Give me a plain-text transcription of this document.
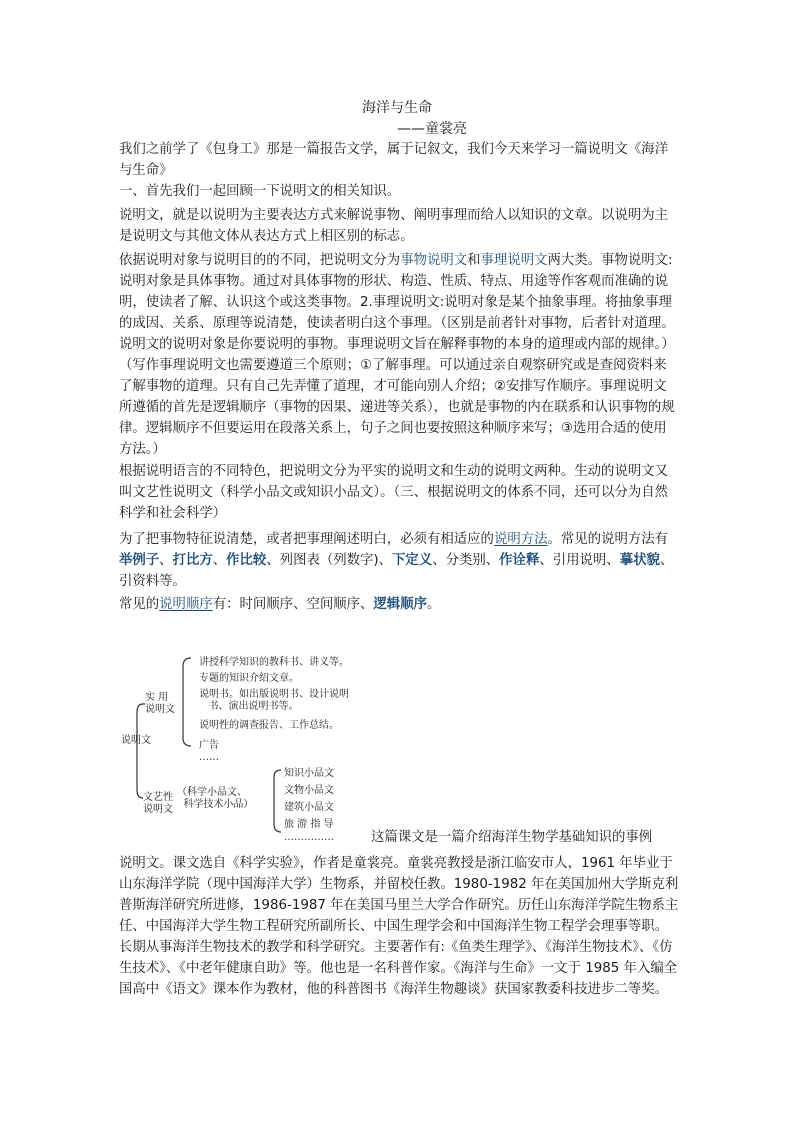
海洋与生命
——童裳亮

我们之前学了《包身工》那是一篇报告文学，属于记叙文，我们今天来学习一篇说明文《海洋与生命》

一、首先我们一起回顾一下说明文的相关知识。

说明文，就是以说明为主要表达方式来解说事物、阐明事理而给人以知识的文章。以说明为主是说明文与其他文体从表达方式上相区别的标志。

依据说明对象与说明目的的不同，把说明文分为事物说明文和事理说明文两大类。事物说明文:说明对象是具体事物。通过对具体事物的形状、构造、性质、特点、用途等作客观而准确的说明，使读者了解、认识这个或这类事物。2.事理说明文:说明对象是某个抽象事理。将抽象事理的成因、关系、原理等说清楚，使读者明白这个事理。（区别是前者针对事物，后者针对道理。说明文的说明对象是你要说明的事物。事理说明文旨在解释事物的本身的道理或内部的规律。）（写作事理说明文也需要遵道三个原则；①了解事理。可以通过亲自观察研究或是查阅资料来了解事物的道理。只有自己先弄懂了道理，才可能向别人介绍；②安排写作顺序。事理说明文所遵循的首先是逻辑顺序（事物的因果、递进等关系），也就是事物的内在联系和认识事物的规律。逻辑顺序不但要运用在段落关系上，句子之间也要按照这种顺序来写；③选用合适的使用方法。）

根据说明语言的不同特色，把说明文分为平实的说明文和生动的说明文两种。生动的说明文又叫文艺性说明文（科学小品文或知识小品文）。（三、根据说明文的体系不同，还可以分为自然科学和社会科学）

为了把事物特征说清楚，或者把事理阐述明白，必须有相适应的说明方法。常见的说明方法有 举例子、打比方、作比较、列图表（列数字)、下定义、分类别、作诠释、引用说明、摹状貌、引资料等。

常见的说明顺序有：时间顺序、空间顺序、逻辑顺序。

说明文
实 用
说明文
讲授科学知识的教科书、讲义等。
专题的知识介绍文章。
说明书。如出版说明书、设计说明
书、演出说明书等。
说明性的调查报告、工作总结。
广告
……
文艺性
说明文
（科学小品文、
科学技术小品）
知识小品文
文物小品文
建筑小品文
旅 游 指 导
……………	这篇课文是一篇介绍海洋生物学基础知识的事例

说明文。课文选自《科学实验》，作者是童裳亮。童裳亮教授是浙江临安市人，1961 年毕业于山东海洋学院（现中国海洋大学）生物系，并留校任教。1980-1982 年在美国加州大学斯克利普斯海洋研究所进修，1986-1987 年在美国马里兰大学合作研究。历任山东海洋学院生物系主任、中国海洋大学生物工程研究所副所长、中国生理学会和中国海洋生物工程学会理事等职。长期从事海洋生物技术的教学和科学研究。主要著作有:《鱼类生理学》、《海洋生物技术》、《仿生技术》、《中老年健康自助》等。他也是一名科普作家。《海洋与生命》一文于 1985 年入编全国高中《语文》课本作为教材，他的科普图书《海洋生物趣谈》获国家教委科技进步二等奖。
